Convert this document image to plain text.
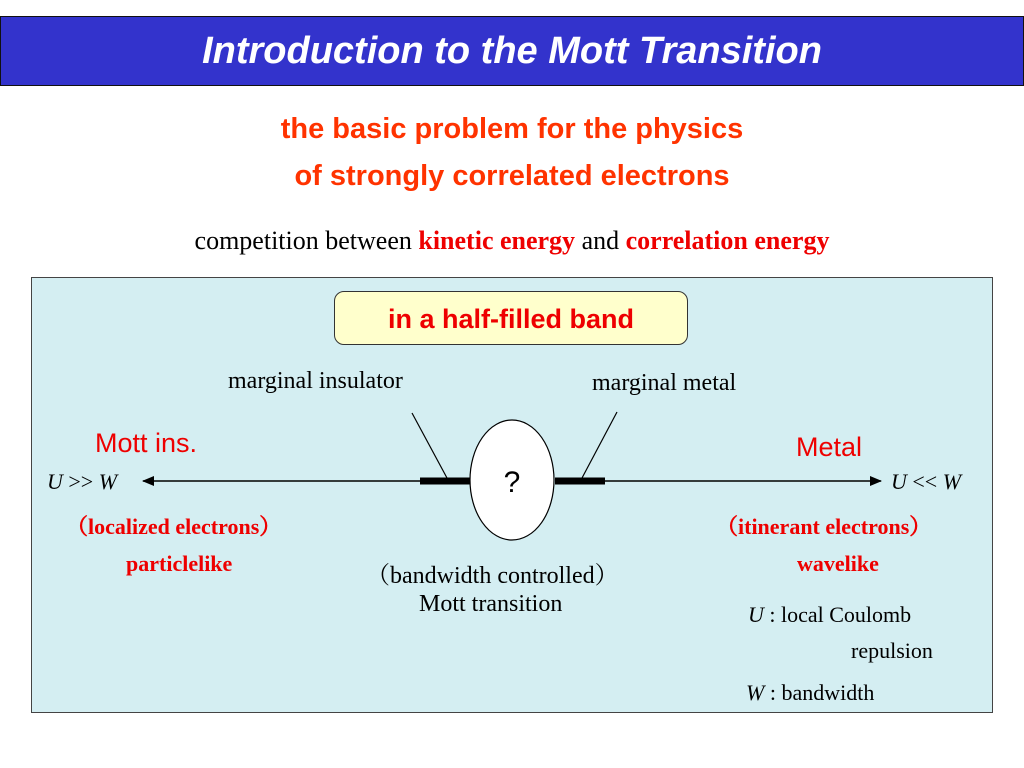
Introduction to the Mott Transition
the basic problem for the physics
of strongly correlated electrons
competition between kinetic energy and correlation energy
in a half-filled band
?
marginal insulator	marginal metal
Mott ins.	Metal
U >> W	U << W
（localized electrons）
particlelike
（itinerant electrons）
wavelike
（bandwidth controlled）
Mott transition	U : local Coulomb
repulsion
W : bandwidth
